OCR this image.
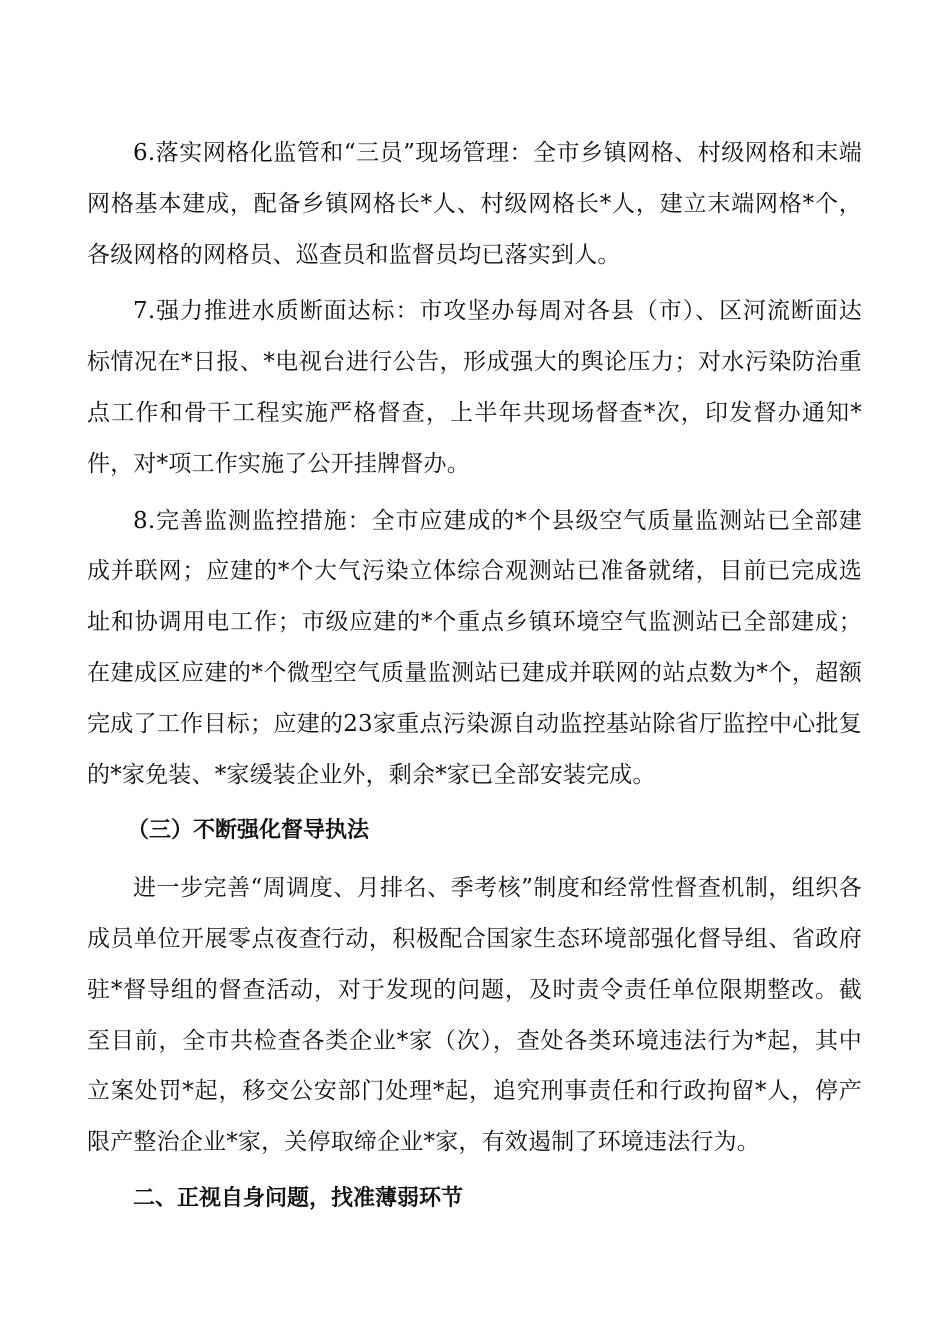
6.落实网格化监管和“三员”现场管理：全市乡镇网格、村级网格和末端网格基本建成，配备乡镇网格长*人、村级网格长*人，建立末端网格*个，各级网格的网格员、巡查员和监督员均已落实到人。

7.强力推进水质断面达标：市攻坚办每周对各县（市）、区河流断面达标情况在*日报、*电视台进行公告，形成强大的舆论压力；对水污染防治重点工作和骨干工程实施严格督查，上半年共现场督查*次，印发督办通知*件，对*项工作实施了公开挂牌督办。

8.完善监测监控措施：全市应建成的*个县级空气质量监测站已全部建成并联网；应建的*个大气污染立体综合观测站已准备就绪，目前已完成选址和协调用电工作；市级应建的*个重点乡镇环境空气监测站已全部建成；在建成区应建的*个微型空气质量监测站已建成并联网的站点数为*个，超额完成了工作目标；应建的23家重点污染源自动监控基站除省厅监控中心批复的*家免装、*家缓装企业外，剩余*家已全部安装完成。

（三）不断强化督导执法

进一步完善“周调度、月排名、季考核”制度和经常性督查机制，组织各成员单位开展零点夜查行动，积极配合国家生态环境部强化督导组、省政府驻*督导组的督查活动，对于发现的问题，及时责令责任单位限期整改。截至目前，全市共检查各类企业*家（次），查处各类环境违法行为*起，其中立案处罚*起，移交公安部门处理*起，追究刑事责任和行政拘留*人，停产限产整治企业*家，关停取缔企业*家，有效遏制了环境违法行为。

二、正视自身问题，找准薄弱环节
